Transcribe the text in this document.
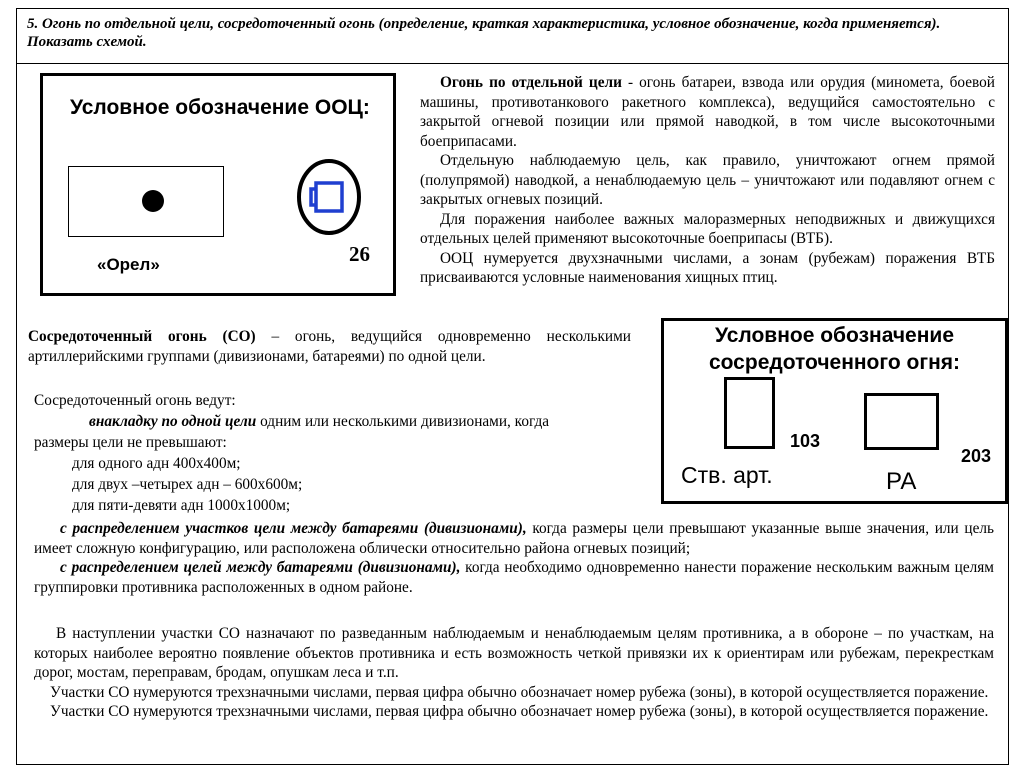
5. Огонь по отдельной цели, сосредоточенный огонь (определение, краткая характеристика, условное обозначение, когда применяется). Показать схемой.
Условное обозначение ООЦ:
«Орел»	26

Огонь по отдельной цели - огонь батареи, взвода или орудия (миномета, боевой машины, противотанкового ракетного комплекса), ведущийся самостоятельно с закрытой огневой позиции или прямой наводкой, в том числе высокоточными боеприпасами.

Отдельную наблюдаемую цель, как правило, уничтожают огнем прямой (полупрямой) наводкой, а ненаблюдаемую цель – уничтожают или подавляют огнем с закрытых огневых позиций.

Для поражения наиболее важных малоразмерных неподвижных и движущихся отдельных целей применяют высокоточные боеприпасы (ВТБ).

ООЦ нумеруется двухзначными числами, а зонам (рубежам) поражения ВТБ присваиваются условные наименования хищных птиц.

Сосредоточенный огонь (СО) – огонь, ведущийся одновременно несколькими артиллерийскими группами (дивизионами, батареями) по одной цели.
Условное обозначение сосредоточенного огня:
103
203
Ств. арт.	РА
Сосредоточенный огонь ведут:
внакладку по одной цели одним или несколькими дивизионами, когда
размеры цели не превышают:
для одного адн 400х400м;
для двух –четырех адн – 600х600м;
для пяти-девяти адн 1000х1000м;
с распределением участков цели между батареями (дивизионами), когда размеры цели превышают указанные выше значения, или цель имеет сложную конфигурацию, или расположена облически относительно района огневых позиций;
с распределением целей между батареями (дивизионами), когда необходимо одновременно нанести поражение нескольким важным целям группировки противника расположенных в одном районе.

В наступлении участки СО назначают по разведанным наблюдаемым и ненаблюдаемым целям противника, а в обороне – по участкам, на которых наиболее вероятно появление объектов противника и есть возможность четкой привязки их к ориентирам или рубежам, перекресткам дорог, мостам, переправам, бродам, опушкам леса и т.п.

Участки СО нумеруются трехзначными числами, первая цифра обычно обозначает номер рубежа (зоны), в которой осуществляется поражение.

Участки СО нумеруются трехзначными числами, первая цифра обычно обозначает номер рубежа (зоны), в которой осуществляется поражение.
